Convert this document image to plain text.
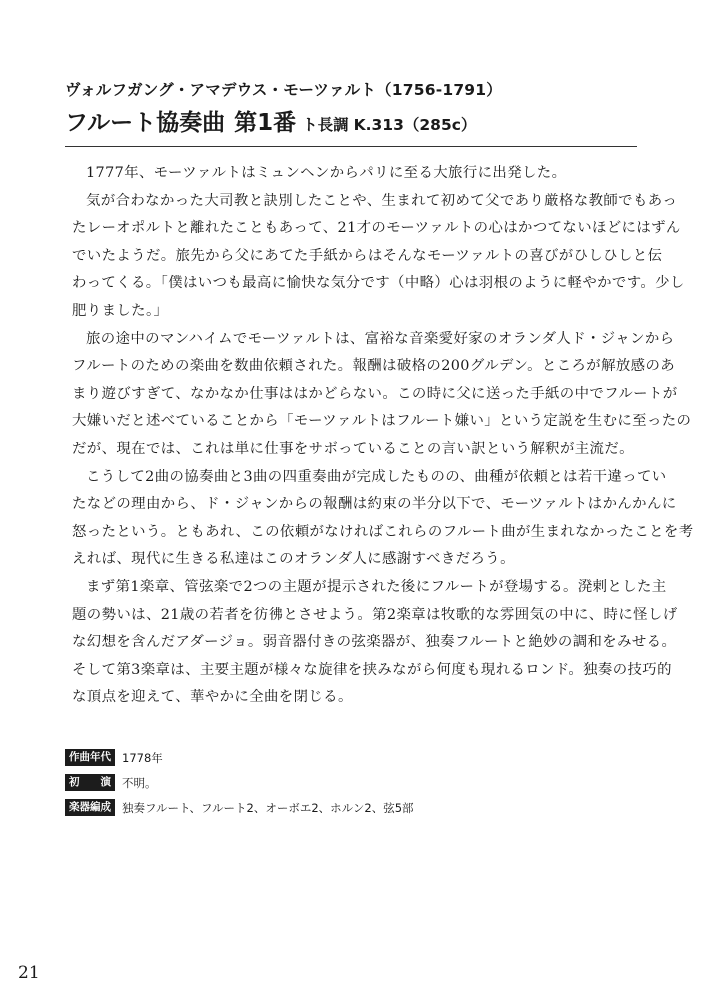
ヴォルフガング・アマデウス・モーツァルト（1756-1791）
フルート協奏曲 第1番 ト長調 K.313（285c）
1777年、モーツァルトはミュンヘンからパリに至る大旅行に出発した。
気が合わなかった大司教と訣別したことや、生まれて初めて父であり厳格な教師でもあっ
たレーオポルトと離れたこともあって、21才のモーツァルトの心はかつてないほどにはずん
でいたようだ。旅先から父にあてた手紙からはそんなモーツァルトの喜びがひしひしと伝
わってくる。「僕はいつも最高に愉快な気分です（中略）心は羽根のように軽やかです。少し
肥りました。」
旅の途中のマンハイムでモーツァルトは、富裕な音楽愛好家のオランダ人ド・ジャンから
フルートのための楽曲を数曲依頼された。報酬は破格の200グルデン。ところが解放感のあ
まり遊びすぎて、なかなか仕事ははかどらない。この時に父に送った手紙の中でフルートが
大嫌いだと述べていることから「モーツァルトはフルート嫌い」という定説を生むに至ったの
だが、現在では、これは単に仕事をサボっていることの言い訳という解釈が主流だ。
こうして2曲の協奏曲と3曲の四重奏曲が完成したものの、曲種が依頼とは若干違ってい
たなどの理由から、ド・ジャンからの報酬は約束の半分以下で、モーツァルトはかんかんに
怒ったという。ともあれ、この依頼がなければこれらのフルート曲が生まれなかったことを考
えれば、現代に生きる私達はこのオランダ人に感謝すべきだろう。
まず第1楽章、管弦楽で2つの主題が提示された後にフルートが登場する。溌剌とした主
題の勢いは、21歳の若者を彷彿とさせよう。第2楽章は牧歌的な雰囲気の中に、時に怪しげ
な幻想を含んだアダージョ。弱音器付きの弦楽器が、独奏フルートと絶妙の調和をみせる。
そして第3楽章は、主要主題が様々な旋律を挟みながら何度も現れるロンド。独奏の技巧的
な頂点を迎えて、華やかに全曲を閉じる。
作曲年代 1778年
初　演 不明。
楽器編成 独奏フルート、フルート2、オーボエ2、ホルン2、弦5部
21
